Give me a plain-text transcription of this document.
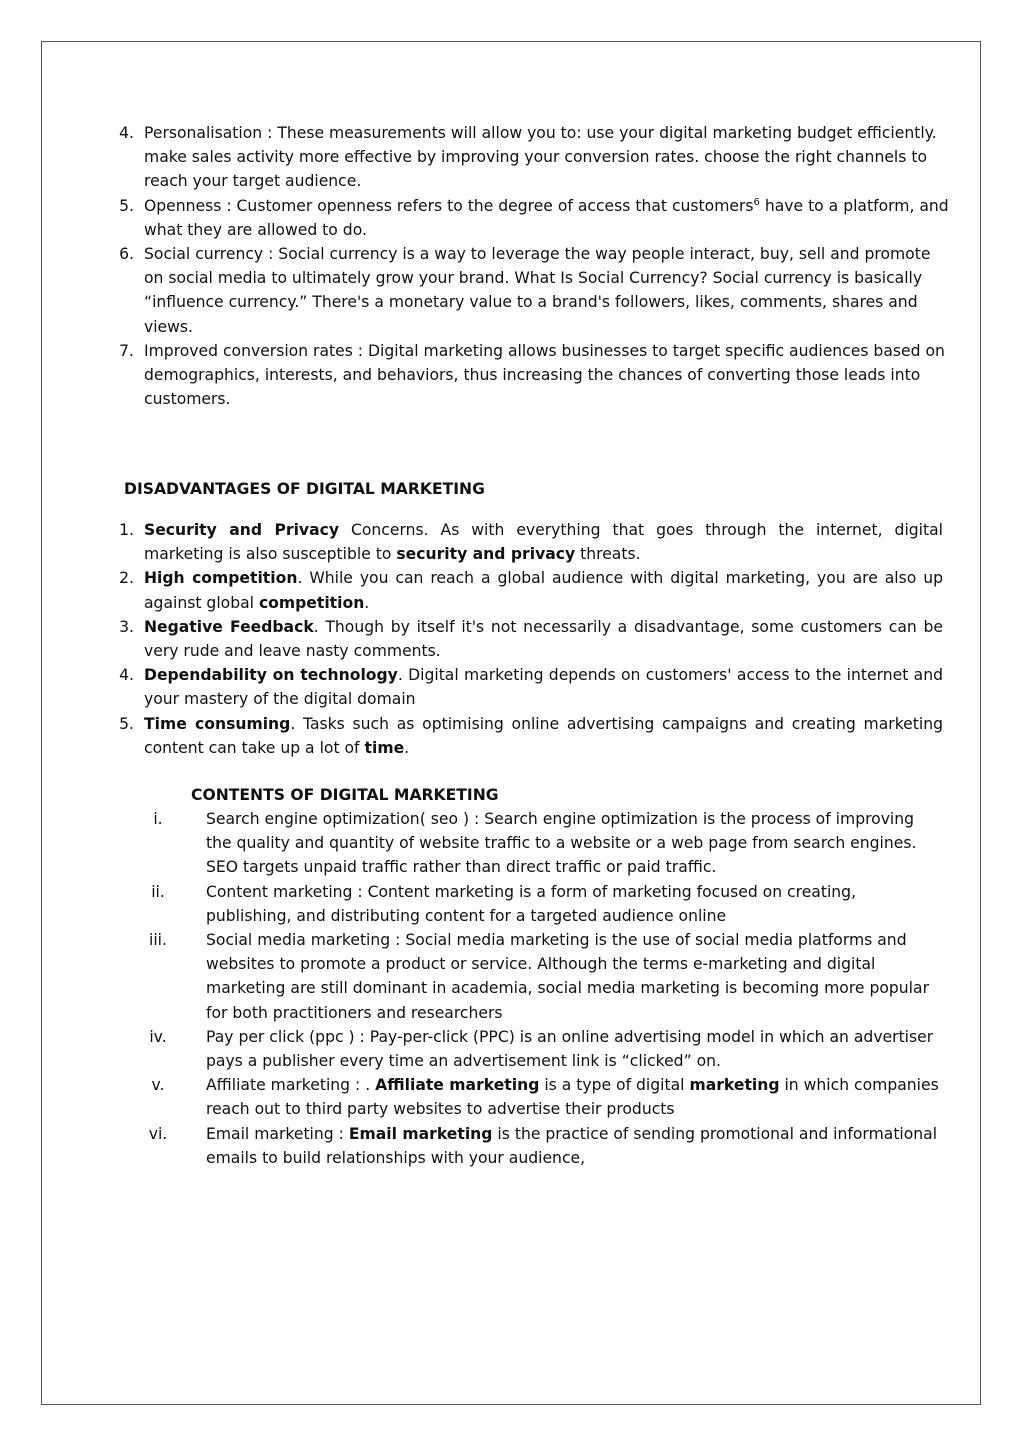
4. Personalisation : These measurements will allow you to: use your digital marketing budget efficiently. make sales activity more effective by improving your conversion rates. choose the right channels to reach your target audience.
5. Openness : Customer openness refers to the degree of access that customers$^6$ have to a platform, and what they are allowed to do.
6. Social currency : Social currency is a way to leverage the way people interact, buy, sell and promote on social media to ultimately grow your brand. What Is Social Currency? Social currency is basically “influence currency.” There's a monetary value to a brand's followers, likes, comments, shares and views.
7. Improved conversion rates : Digital marketing allows businesses to target specific audiences based on demographics, interests, and behaviors, thus increasing the chances of converting those leads into customers.
DISADVANTAGES OF DIGITAL MARKETING
1. Security and Privacy Concerns. As with everything that goes through the internet, digital marketing is also susceptible to security and privacy threats.
2. High competition. While you can reach a global audience with digital marketing, you are also up against global competition.
3. Negative Feedback. Though by itself it's not necessarily a disadvantage, some customers can be very rude and leave nasty comments.
4. Dependability on technology. Digital marketing depends on customers' access to the internet and your mastery of the digital domain
5. Time consuming. Tasks such as optimising online advertising campaigns and creating marketing content can take up a lot of time.
CONTENTS OF DIGITAL MARKETING
i.	Search engine optimization( seo ) : Search engine optimization is the process of improving the quality and quantity of website traffic to a website or a web page from search engines. SEO targets unpaid traffic rather than direct traffic or paid traffic.
ii.	Content marketing : Content marketing is a form of marketing focused on creating, publishing, and distributing content for a targeted audience online
iii.	Social media marketing : Social media marketing is the use of social media platforms and websites to promote a product or service. Although the terms e-marketing and digital marketing are still dominant in academia, social media marketing is becoming more popular for both practitioners and researchers
iv.	Pay per click (ppc ) : Pay-per-click (PPC) is an online advertising model in which an advertiser pays a publisher every time an advertisement link is “clicked” on.
v.	Affiliate marketing : . Affiliate marketing is a type of digital marketing in which companies reach out to third party websites to advertise their products
vi.	Email marketing : Email marketing is the practice of sending promotional and informational emails to build relationships with your audience,
